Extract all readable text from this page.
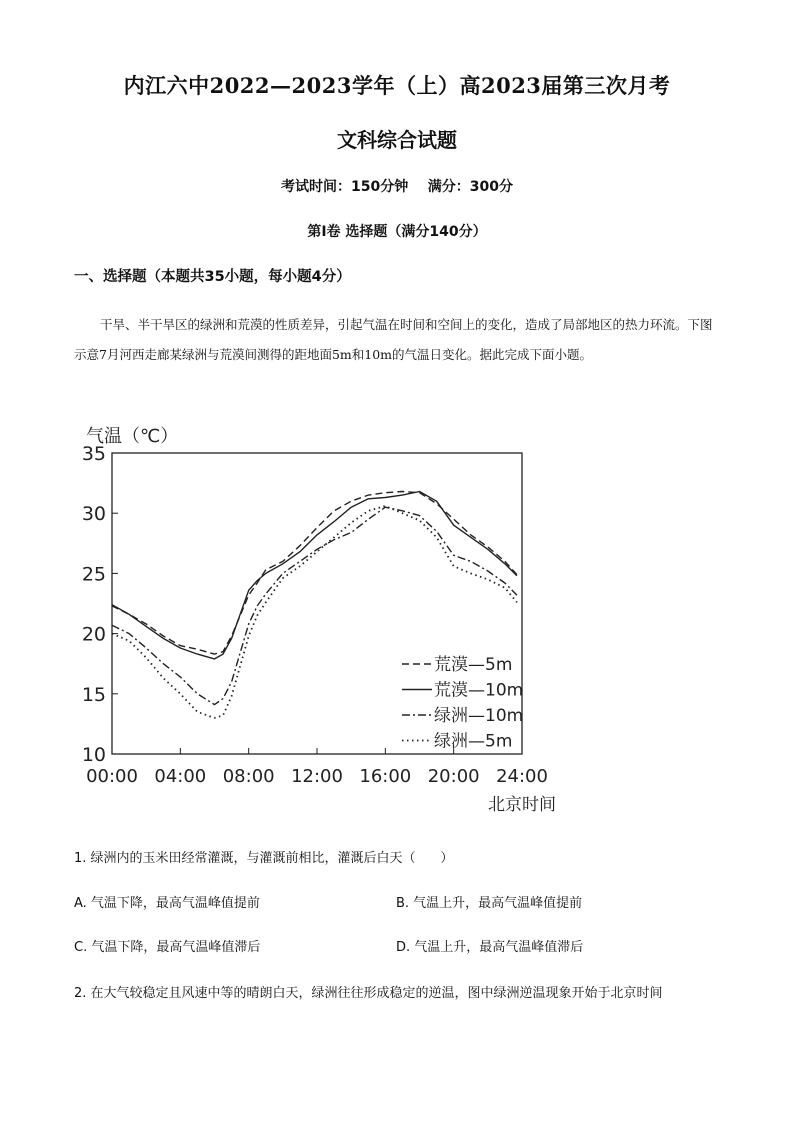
内江六中2022—2023学年（上）高2023届第三次月考
文科综合试题
考试时间：150分钟    满分：300分
第Ⅰ卷 选择题（满分140分）
一、选择题（本题共35小题，每小题4分）
干旱、半干旱区的绿洲和荒漠的性质差异，引起气温在时间和空间上的变化，造成了局部地区的热力环流。下图示意7月河西走廊某绿洲与荒漠间测得的距地面5m和10m的气温日变化。据此完成下面小题。
10
15
20
25
30
35
00:00 04:00 08:00 12:00 16:00 20:00 24:00
气温（℃）
北京时间
荒漠—5m
荒漠—10m
绿洲—10m
绿洲—5m
1. 绿洲内的玉米田经常灌溉，与灌溉前相比，灌溉后白天（      ）
A. 气温下降，最高气温峰值提前	B. 气温上升，最高气温峰值提前
C. 气温下降，最高气温峰值滞后	D. 气温上升，最高气温峰值滞后
2. 在大气较稳定且风速中等的晴朗白天，绿洲往往形成稳定的逆温，图中绿洲逆温现象开始于北京时间
